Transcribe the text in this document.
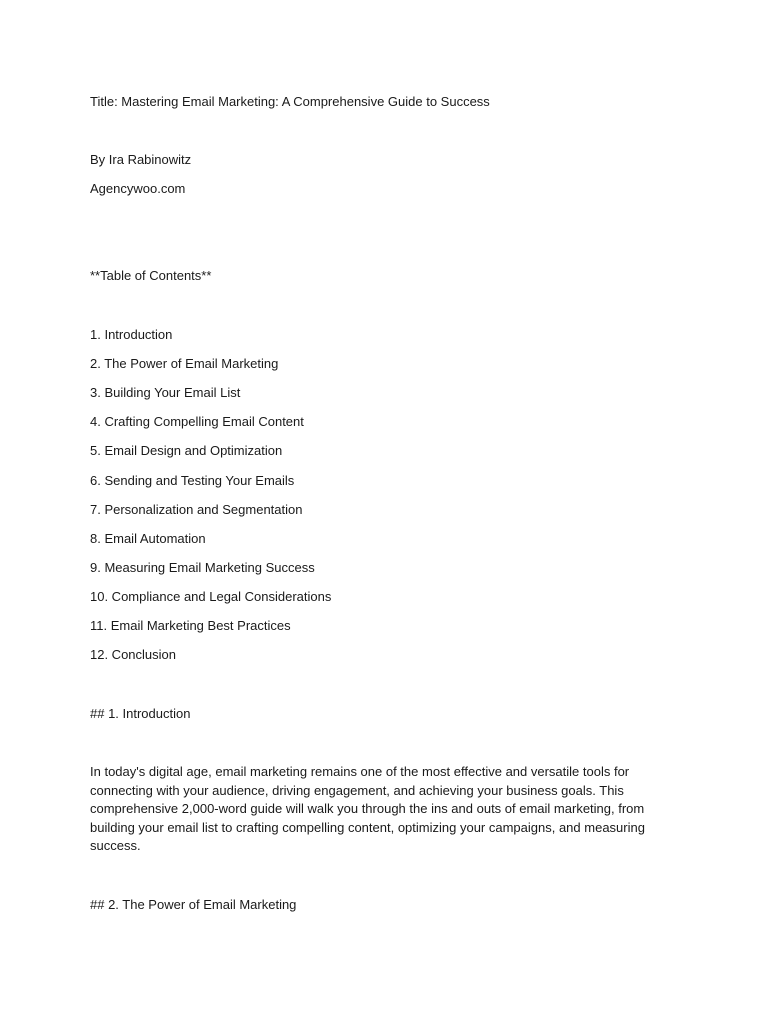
Title: Mastering Email Marketing: A Comprehensive Guide to Success
By Ira Rabinowitz
Agencywoo.com
**Table of Contents**
1. Introduction
2. The Power of Email Marketing
3. Building Your Email List
4. Crafting Compelling Email Content
5. Email Design and Optimization
6. Sending and Testing Your Emails
7. Personalization and Segmentation
8. Email Automation
9. Measuring Email Marketing Success
10. Compliance and Legal Considerations
11. Email Marketing Best Practices
12. Conclusion
## 1. Introduction
In today's digital age, email marketing remains one of the most effective and versatile tools for
connecting with your audience, driving engagement, and achieving your business goals. This
comprehensive 2,000-word guide will walk you through the ins and outs of email marketing, from
building your email list to crafting compelling content, optimizing your campaigns, and measuring
success.
## 2. The Power of Email Marketing
